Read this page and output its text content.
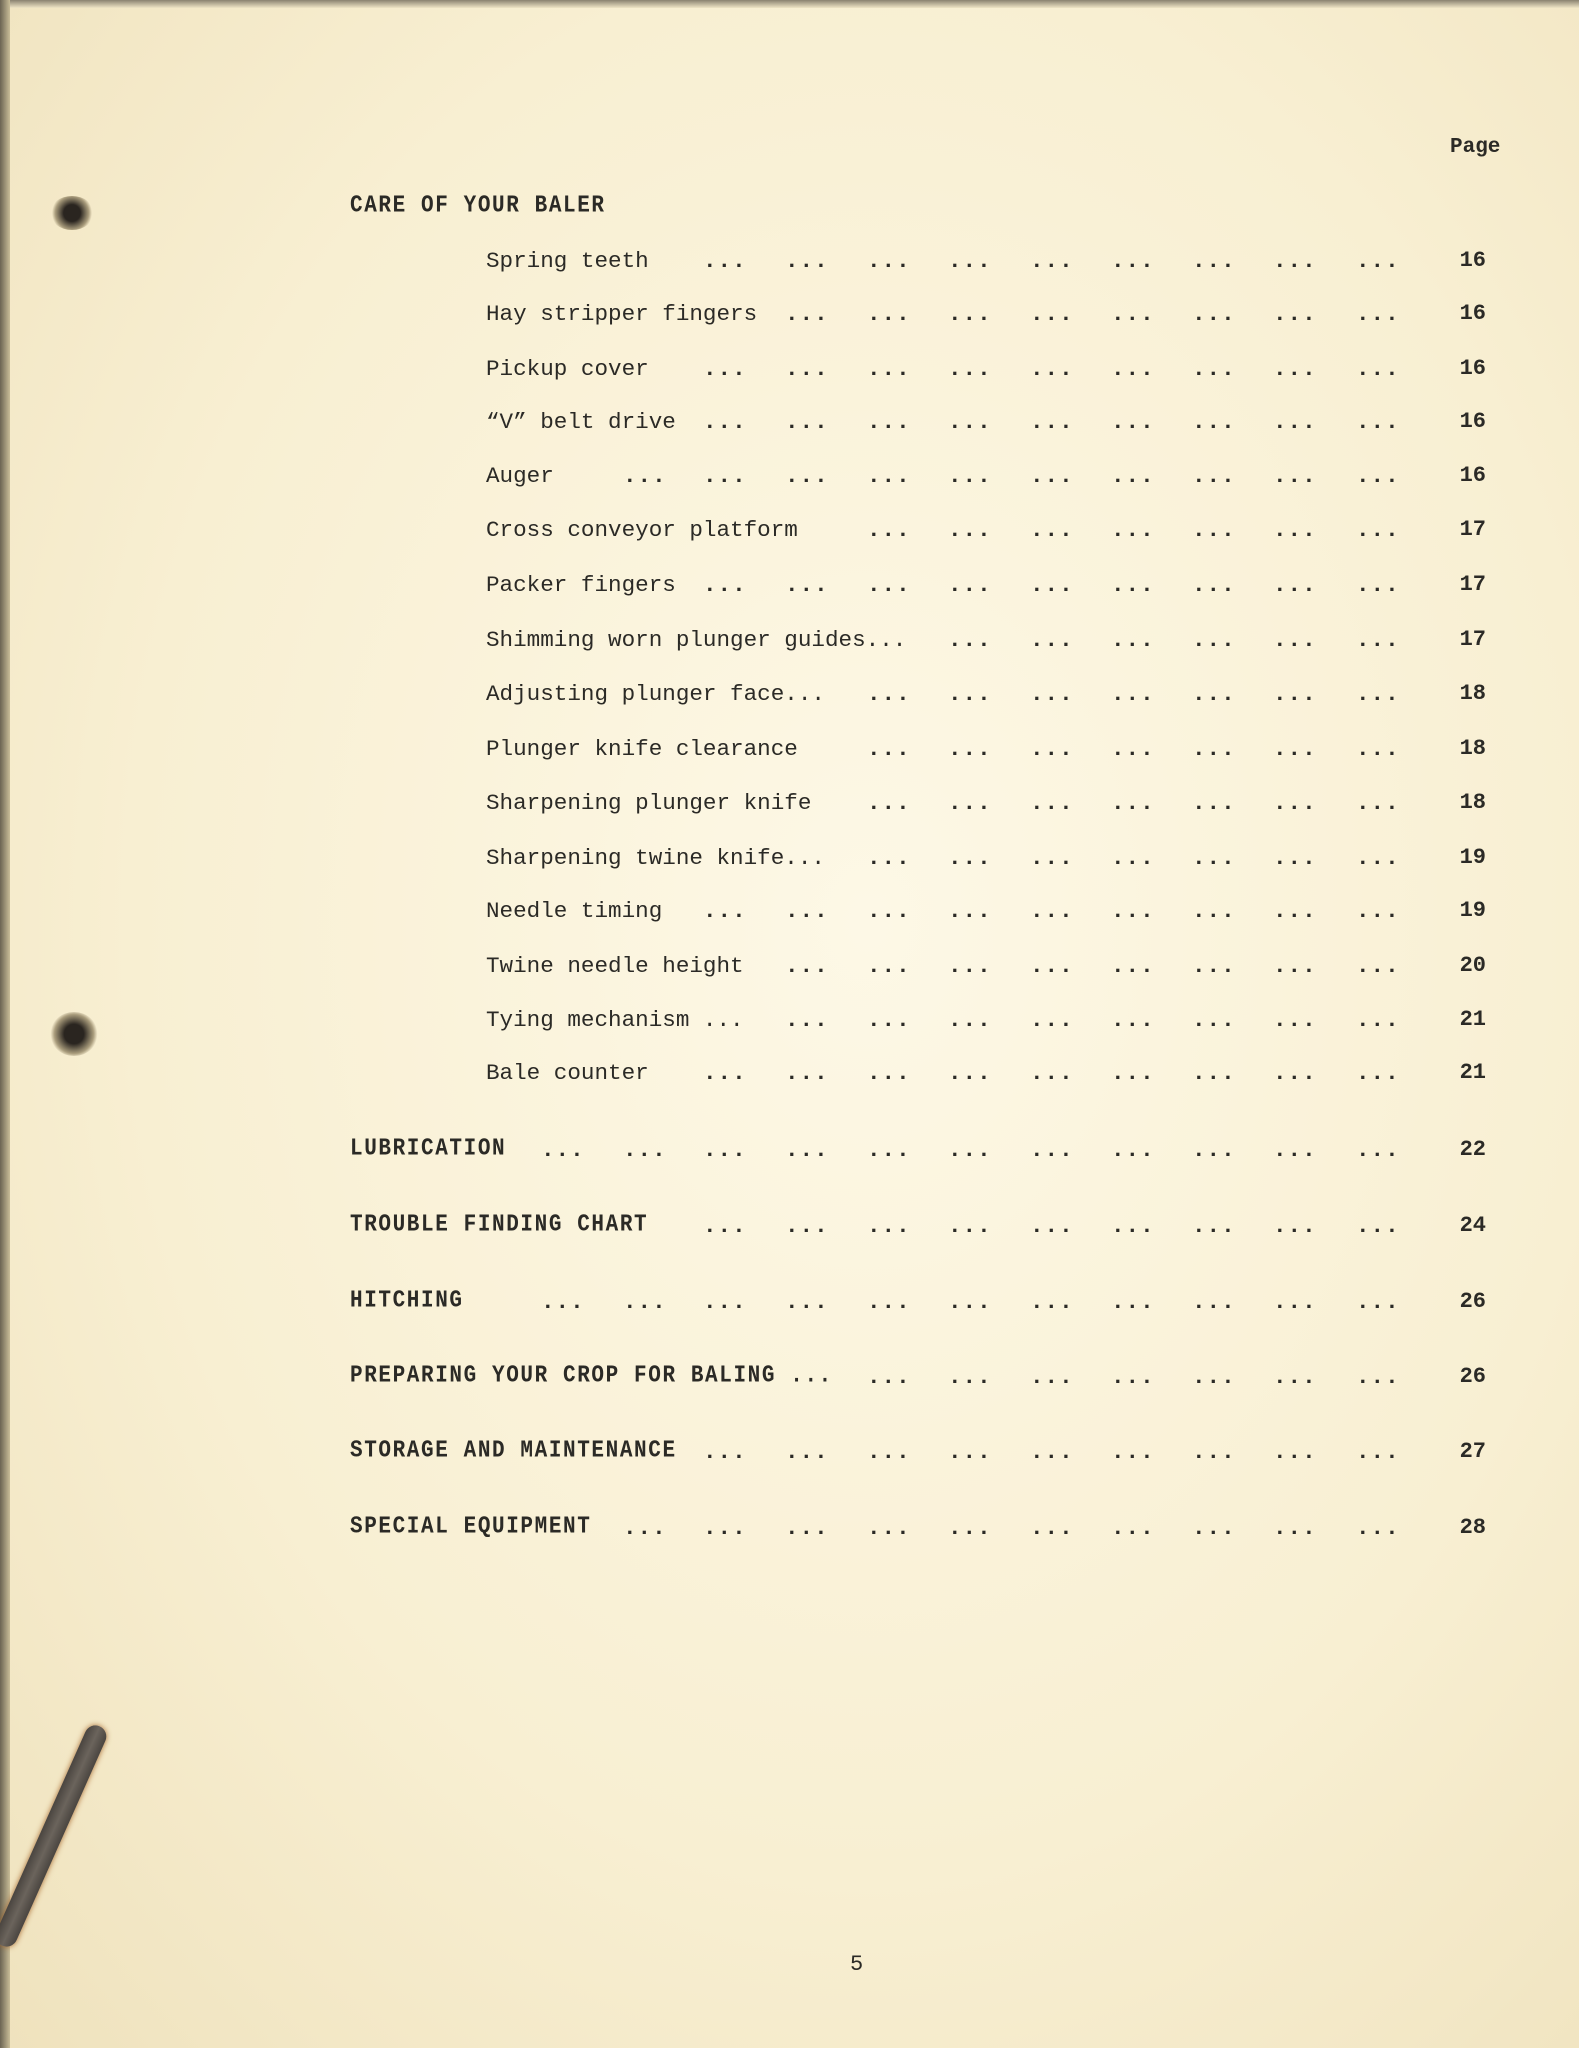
Page
CARE OF YOUR BALER
Spring teeth	16
... ... ... ... ... ... ... ... ...
Hay stripper fingers	16
... ... ... ... ... ... ... ...
Pickup cover	16
... ... ... ... ... ... ... ... ...
“V” belt drive	16
... ... ... ... ... ... ... ... ...
Auger	16
... ... ... ... ... ... ... ... ... ...
Cross conveyor platform	17
... ... ... ... ... ... ...
Packer fingers	17
... ... ... ... ... ... ... ... ...
Shimming worn plunger guides...	17
... ... ... ... ... ...
Adjusting plunger face...	18
... ... ... ... ... ... ...
Plunger knife clearance	18
... ... ... ... ... ... ...
Sharpening plunger knife	18
... ... ... ... ... ... ...
Sharpening twine knife...	19
... ... ... ... ... ... ...
Needle timing	19
... ... ... ... ... ... ... ... ...
Twine needle height	20
... ... ... ... ... ... ... ...
Tying mechanism ...	21
... ... ... ... ... ... ... ...
Bale counter	21
... ... ... ... ... ... ... ... ...
LUBRICATION	22
... ... ... ... ... ... ... ... ... ... ...
TROUBLE FINDING CHART	24
... ... ... ... ... ... ... ... ...
HITCHING	26
... ... ... ... ... ... ... ... ... ... ...
PREPARING YOUR CROP FOR BALING ...	26
... ... ... ... ... ... ...
STORAGE AND MAINTENANCE	27
... ... ... ... ... ... ... ... ...
SPECIAL EQUIPMENT	28
... ... ... ... ... ... ... ... ... ...
5
